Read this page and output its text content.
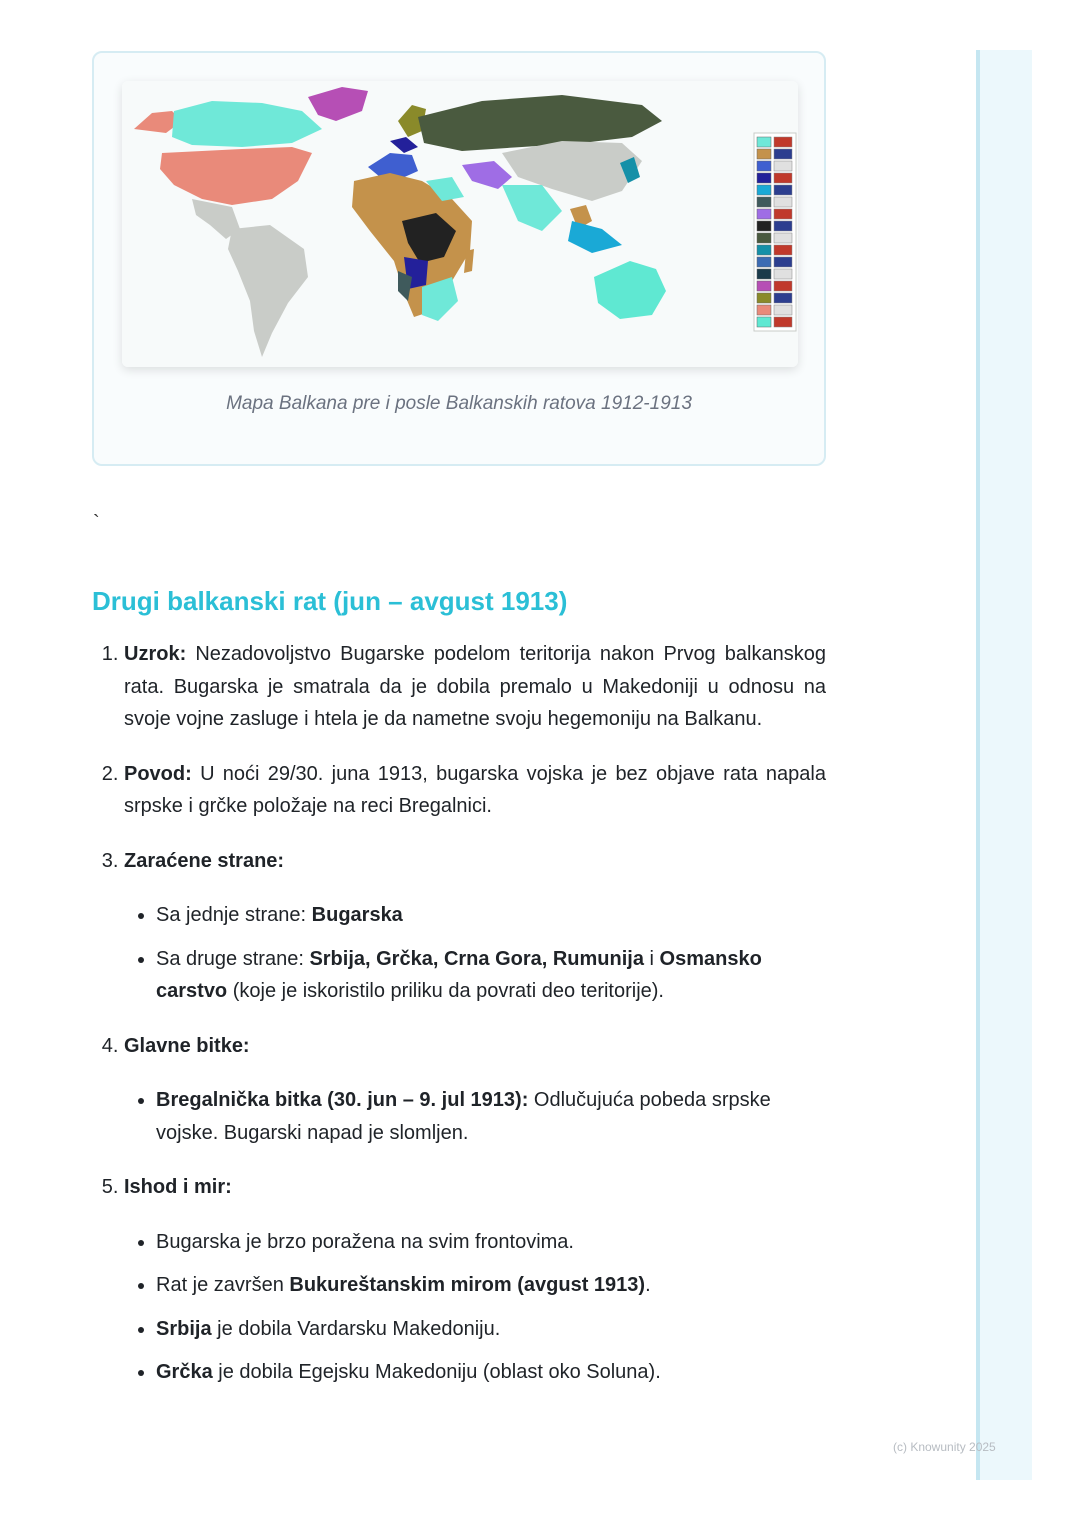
Mapa Balkana pre i posle Balkanskih ratova 1912-1913
`
Drugi balkanski rat (jun – avgust 1913)
1. Uzrok: Nezadovoljstvo Bugarske podelom teritorija nakon Prvog balkanskog rata. Bugarska je smatrala da je dobila premalo u Makedoniji u odnosu na svoje vojne zasluge i htela je da nametne svoju hegemoniju na Balkanu.
2. Povod: U noći 29/30. juna 1913, bugarska vojska je bez objave rata napala srpske i grčke položaje na reci Bregalnici.
3. Zaraćene strane:
• Sa jednje strane: Bugarska
• Sa druge strane: Srbija, Grčka, Crna Gora, Rumunija i Osmansko carstvo (koje je iskoristilo priliku da povrati deo teritorije).
4. Glavne bitke:
• Bregalnička bitka (30. jun – 9. jul 1913): Odlučujuća pobeda srpske vojske. Bugarski napad je slomljen.
5. Ishod i mir:
• Bugarska je brzo poražena na svim frontovima.
• Rat je završen Bukureštanskim mirom (avgust 1913).
• Srbija je dobila Vardarsku Makedoniju.
• Grčka je dobila Egejsku Makedoniju (oblast oko Soluna).
(c) Knowunity 2025
